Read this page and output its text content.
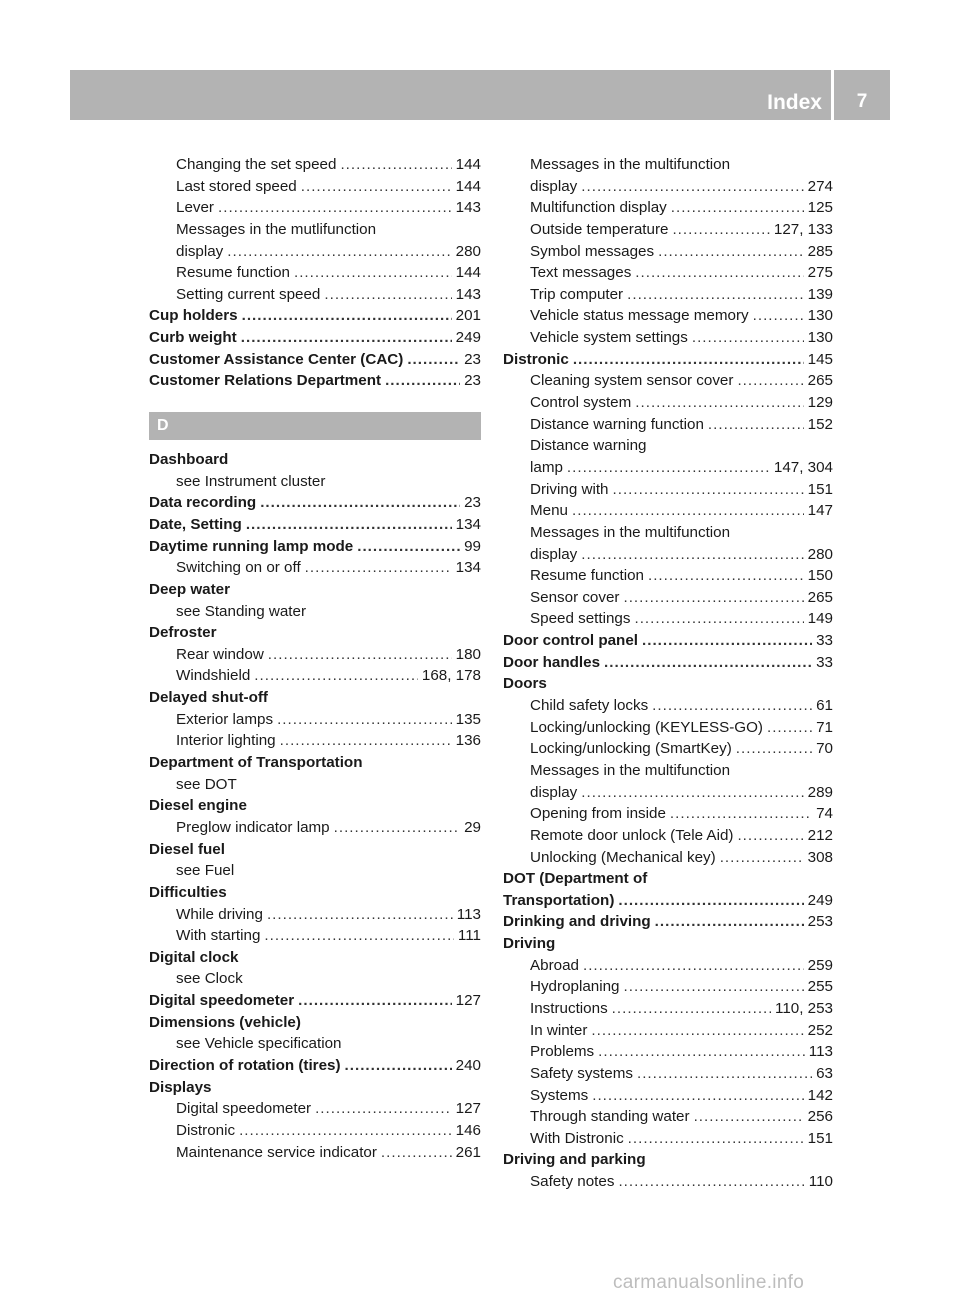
Index	7
Changing the set speed .....	144
Last stored speed .....	144
Lever .....	143
Messages in the mutlifunction
display .....	280
Resume function .....	144
Setting current speed .....	143
Cup holders .....	201
Curb weight .....	249
Customer Assistance Center (CAC) .....	23
Customer Relations Department .....	23
D
Dashboard
see Instrument cluster
Data recording .....	23
Date, Setting .....	134
Daytime running lamp mode .....	99
Switching on or off .....	134
Deep water
see Standing water
Defroster
Rear window .....	180
Windshield .....	168, 178
Delayed shut-off
Exterior lamps .....	135
Interior lighting .....	136
Department of Transportation
see DOT
Diesel engine
Preglow indicator lamp .....	29
Diesel fuel
see Fuel
Difficulties
While driving .....	113
With starting .....	111
Digital clock
see Clock
Digital speedometer .....	127
Dimensions (vehicle)
see Vehicle specification
Direction of rotation (tires) .....	240
Displays
Digital speedometer .....	127
Distronic .....	146
Maintenance service indicator .....	261
Messages in the multifunction
display .....	274
Multifunction display .....	125
Outside temperature .....	127, 133
Symbol messages .....	285
Text messages .....	275
Trip computer .....	139
Vehicle status message memory .....	130
Vehicle system settings .....	130
Distronic .....	145
Cleaning system sensor cover .....	265
Control system .....	129
Distance warning function .....	152
Distance warning
lamp .....	147, 304
Driving with .....	151
Menu .....	147
Messages in the multifunction
display .....	280
Resume function .....	150
Sensor cover .....	265
Speed settings .....	149
Door control panel .....	33
Door handles .....	33
Doors
Child safety locks .....	61
Locking/unlocking (KEYLESS-GO) .....	71
Locking/unlocking (SmartKey) .....	70
Messages in the multifunction
display .....	289
Opening from inside .....	74
Remote door unlock (Tele Aid) .....	212
Unlocking (Mechanical key) .....	308
DOT (Department of
Transportation) .....	249
Drinking and driving .....	253
Driving
Abroad .....	259
Hydroplaning .....	255
Instructions .....	110, 253
In winter .....	252
Problems .....	113
Safety systems .....	63
Systems .....	142
Through standing water .....	256
With Distronic .....	151
Driving and parking
Safety notes .....	110
carmanualsonline.info
